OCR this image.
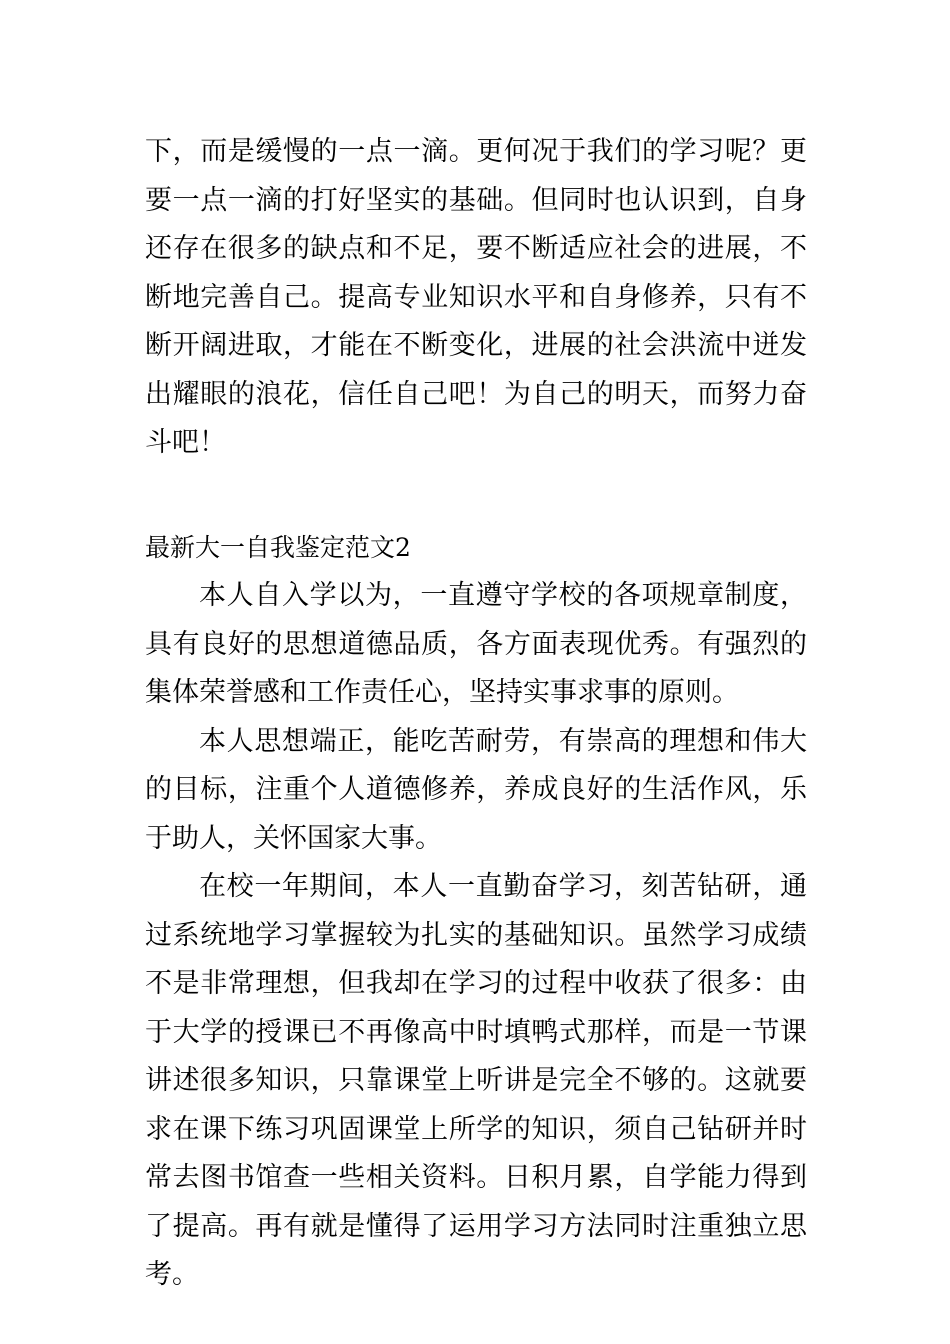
下，而是缓慢的一点一滴。更何况于我们的学习呢？更要一点一滴的打好坚实的基础。但同时也认识到，自身还存在很多的缺点和不足，要不断适应社会的进展，不断地完善自己。提高专业知识水平和自身修养，只有不断开阔进取，才能在不断变化，进展的社会洪流中迸发出耀眼的浪花，信任自己吧！为自己的明天，而努力奋斗吧！

最新大一自我鉴定范文2

本人自入学以为，一直遵守学校的各项规章制度，具有良好的思想道德品质，各方面表现优秀。有强烈的集体荣誉感和工作责任心，坚持实事求事的原则。

本人思想端正，能吃苦耐劳，有崇高的理想和伟大的目标，注重个人道德修养，养成良好的生活作风，乐于助人，关怀国家大事。

在校一年期间，本人一直勤奋学习，刻苦钻研，通过系统地学习掌握较为扎实的基础知识。虽然学习成绩不是非常理想，但我却在学习的过程中收获了很多：由于大学的授课已不再像高中时填鸭式那样，而是一节课讲述很多知识，只靠课堂上听讲是完全不够的。这就要求在课下练习巩固课堂上所学的知识，须自己钻研并时常去图书馆查一些相关资料。日积月累，自学能力得到了提高。再有就是懂得了运用学习方法同时注重独立思考。
